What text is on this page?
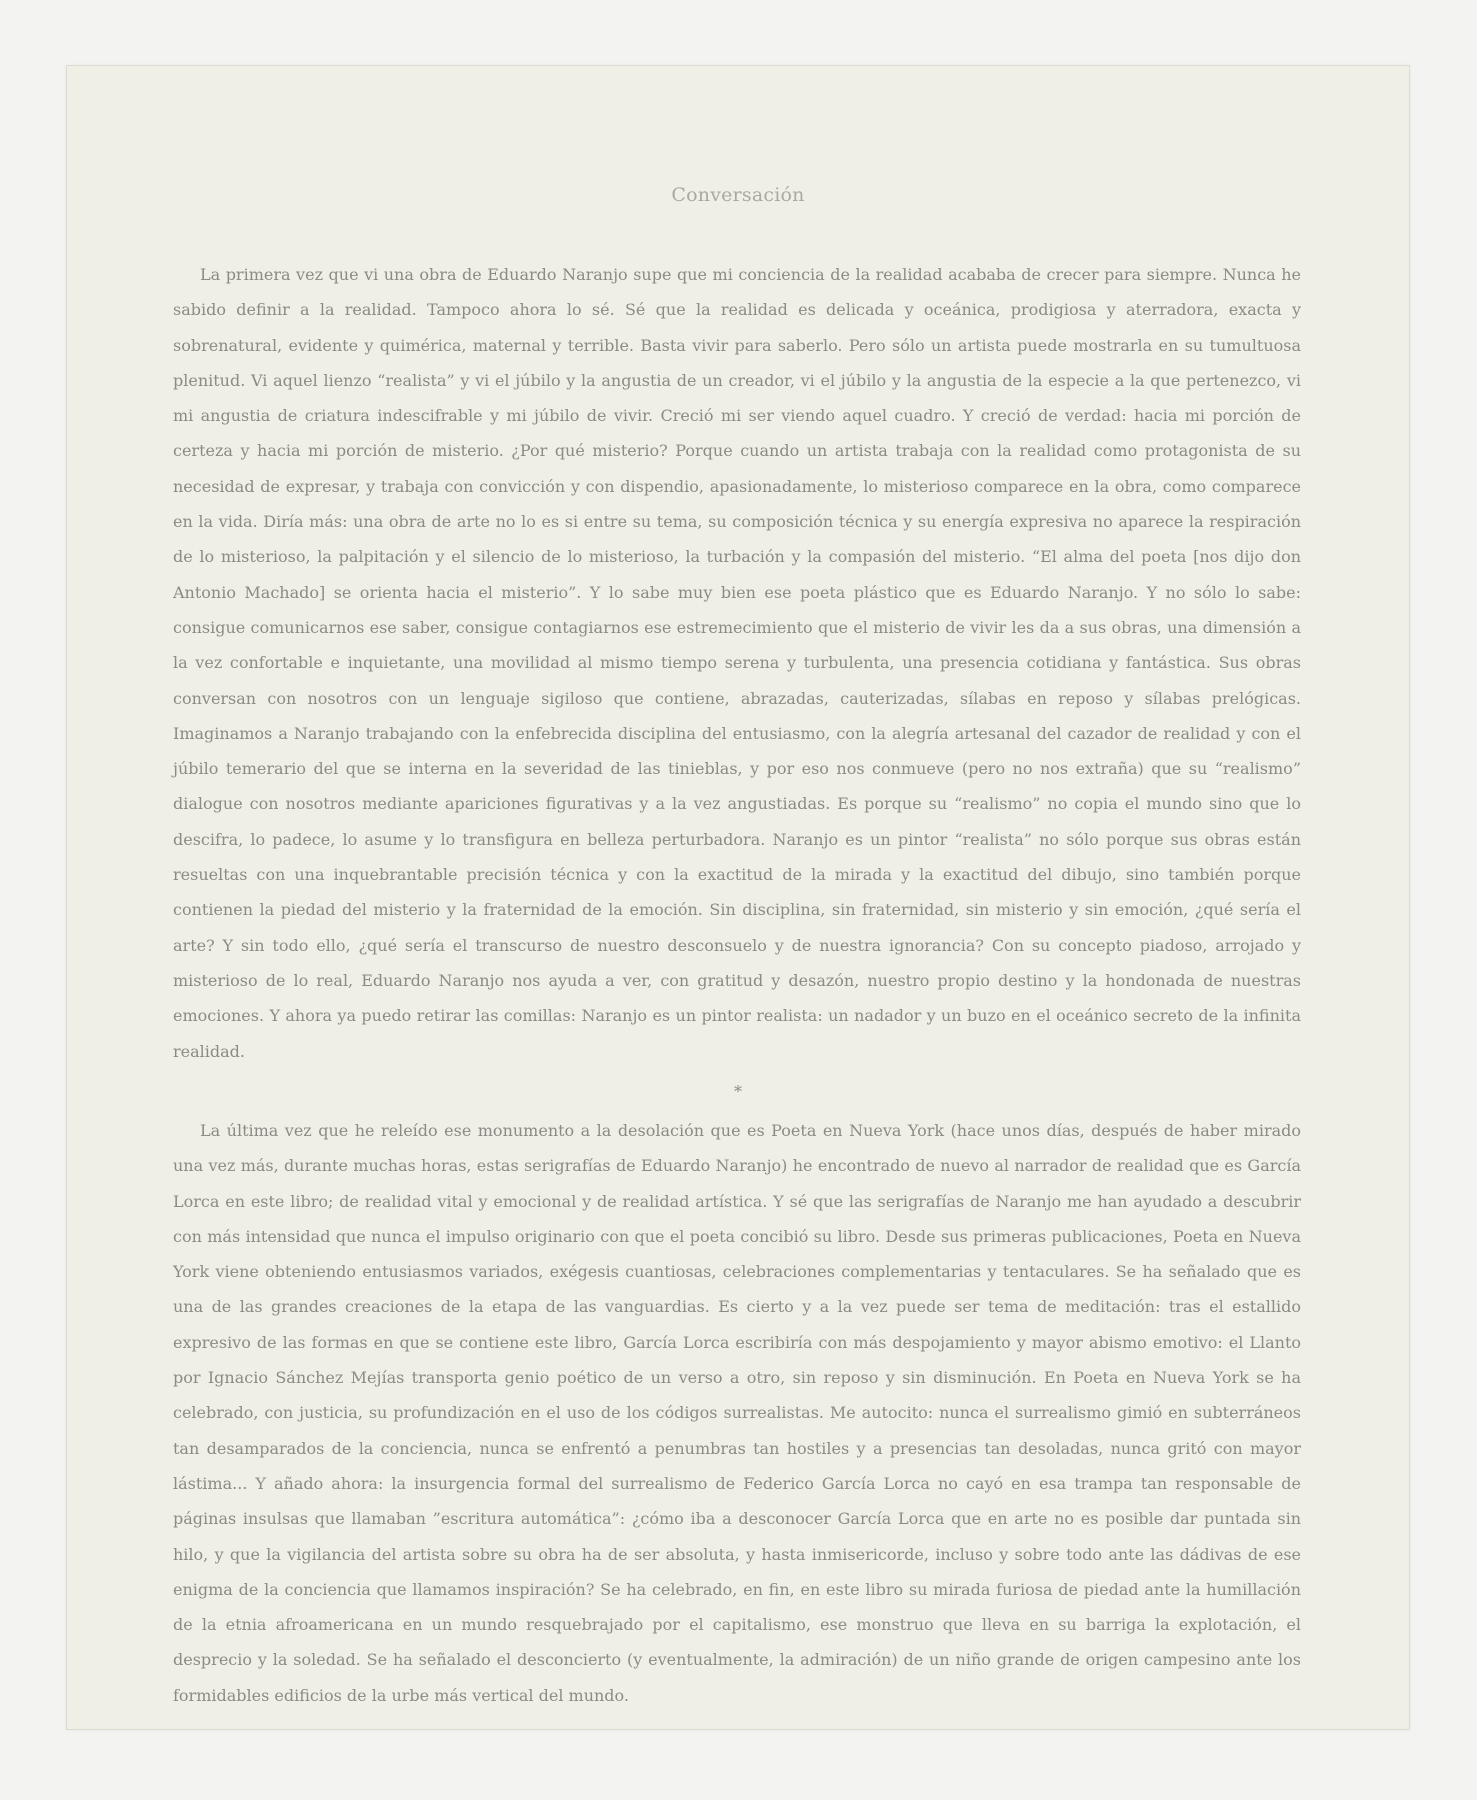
Conversación

La primera vez que vi una obra de Eduardo Naranjo supe que mi conciencia de la realidad acababa de crecer para siempre. Nunca he sabido definir a la realidad. Tampoco ahora lo sé. Sé que la realidad es delicada y oceánica, prodigiosa y aterradora, exacta y sobrenatural, evidente y quimérica, maternal y terrible. Basta vivir para saberlo. Pero sólo un artista puede mostrarla en su tumultuosa plenitud. Vi aquel lienzo “realista” y vi el júbilo y la angustia de un creador, vi el júbilo y la angustia de la especie a la que pertenezco, vi mi angustia de criatura indescifrable y mi júbilo de vivir. Creció mi ser viendo aquel cuadro. Y creció de verdad: hacia mi porción de certeza y hacia mi porción de misterio. ¿Por qué misterio? Porque cuando un artista trabaja con la realidad como protagonista de su necesidad de expresar, y trabaja con convicción y con dispendio, apasionadamente, lo misterioso comparece en la obra, como comparece en la vida. Diría más: una obra de arte no lo es si entre su tema, su composición técnica y su energía expresiva no aparece la respiración de lo misterioso, la palpitación y el silencio de lo misterioso, la turbación y la compasión del misterio. “El alma del poeta [nos dijo don Antonio Machado] se orienta hacia el misterio”. Y lo sabe muy bien ese poeta plástico que es Eduardo Naranjo. Y no sólo lo sabe: consigue comunicarnos ese saber, consigue contagiarnos ese estremecimiento que el misterio de vivir les da a sus obras, una dimensión a la vez confortable e inquietante, una movilidad al mismo tiempo serena y turbulenta, una presencia cotidiana y fantástica. Sus obras conversan con nosotros con un lenguaje sigiloso que contiene, abrazadas, cauterizadas, sílabas en reposo y sílabas prelógicas. Imaginamos a Naranjo trabajando con la enfebrecida disciplina del entusiasmo, con la alegría artesanal del cazador de realidad y con el júbilo temerario del que se interna en la severidad de las tinieblas, y por eso nos conmueve (pero no nos extraña) que su “realismo” dialogue con nosotros mediante apariciones figurativas y a la vez angustiadas. Es porque su “realismo” no copia el mundo sino que lo descifra, lo padece, lo asume y lo transfigura en belleza perturbadora. Naranjo es un pintor “realista” no sólo porque sus obras están resueltas con una inquebrantable precisión técnica y con la exactitud de la mirada y la exactitud del dibujo, sino también porque contienen la piedad del misterio y la fraternidad de la emoción. Sin disciplina, sin fraternidad, sin misterio y sin emoción, ¿qué sería el arte? Y sin todo ello, ¿qué sería el transcurso de nuestro desconsuelo y de nuestra ignorancia? Con su concepto piadoso, arrojado y misterioso de lo real, Eduardo Naranjo nos ayuda a ver, con gratitud y desazón, nuestro propio destino y la hondonada de nuestras emociones. Y ahora ya puedo retirar las comillas: Naranjo es un pintor realista: un nadador y un buzo en el oceánico secreto de la infinita realidad.

*

La última vez que he releído ese monumento a la desolación que es Poeta en Nueva York (hace unos días, después de haber mirado una vez más, durante muchas horas, estas serigrafías de Eduardo Naranjo) he encontrado de nuevo al narrador de realidad que es García Lorca en este libro; de realidad vital y emocional y de realidad artística. Y sé que las serigrafías de Naranjo me han ayudado a descubrir con más intensidad que nunca el impulso originario con que el poeta concibió su libro. Desde sus primeras publicaciones, Poeta en Nueva York viene obteniendo entusiasmos variados, exégesis cuantiosas, celebraciones complementarias y tentaculares. Se ha señalado que es una de las grandes creaciones de la etapa de las vanguardias. Es cierto y a la vez puede ser tema de meditación: tras el estallido expresivo de las formas en que se contiene este libro, García Lorca escribiría con más despojamiento y mayor abismo emotivo: el Llanto por Ignacio Sánchez Mejías transporta genio poético de un verso a otro, sin reposo y sin disminución. En Poeta en Nueva York se ha celebrado, con justicia, su profundización en el uso de los códigos surrealistas. Me autocito: nunca el surrealismo gimió en subterráneos tan desamparados de la conciencia, nunca se enfrentó a penumbras tan hostiles y a presencias tan desoladas, nunca gritó con mayor lástima... Y añado ahora: la insurgencia formal del surrealismo de Federico García Lorca no cayó en esa trampa tan responsable de páginas insulsas que llamaban ”escritura automática”: ¿cómo iba a desconocer García Lorca que en arte no es posible dar puntada sin hilo, y que la vigilancia del artista sobre su obra ha de ser absoluta, y hasta inmisericorde, incluso y sobre todo ante las dádivas de ese enigma de la conciencia que llamamos inspiración? Se ha celebrado, en fin, en este libro su mirada furiosa de piedad ante la humillación de la etnia afroamericana en un mundo resquebrajado por el capitalismo, ese monstruo que lleva en su barriga la explotación, el desprecio y la soledad. Se ha señalado el desconcierto (y eventualmente, la admiración) de un niño grande de origen campesino ante los formidables edificios de la urbe más vertical del mundo.
